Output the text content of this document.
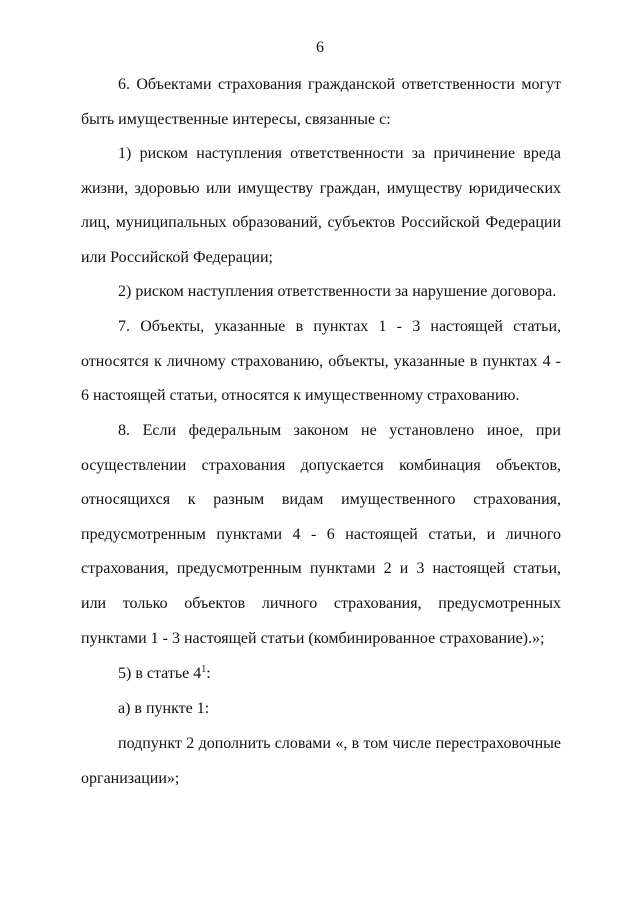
6
6. Объектами страхования гражданской ответственности могут быть имущественные интересы, связанные с:
1) риском наступления ответственности за причинение вреда жизни, здоровью или имуществу граждан, имуществу юридических лиц, муниципальных образований, субъектов Российской Федерации или Российской Федерации;
2) риском наступления ответственности за нарушение договора.
7. Объекты, указанные в пунктах 1 - 3 настоящей статьи, относятся к личному страхованию, объекты, указанные в пунктах 4 - 6 настоящей статьи, относятся к имущественному страхованию.
8. Если федеральным законом не установлено иное, при осуществлении страхования допускается комбинация объектов, относящихся к разным видам имущественного страхования, предусмотренным пунктами 4 - 6 настоящей статьи, и личного страхования, предусмотренным пунктами 2 и 3 настоящей статьи, или только объектов личного страхования, предусмотренных пунктами 1 - 3 настоящей статьи (комбинированное страхование).»;
5) в статье $4^1$:
а) в пункте 1:
подпункт 2 дополнить словами «, в том числе перестраховочные организации»;
